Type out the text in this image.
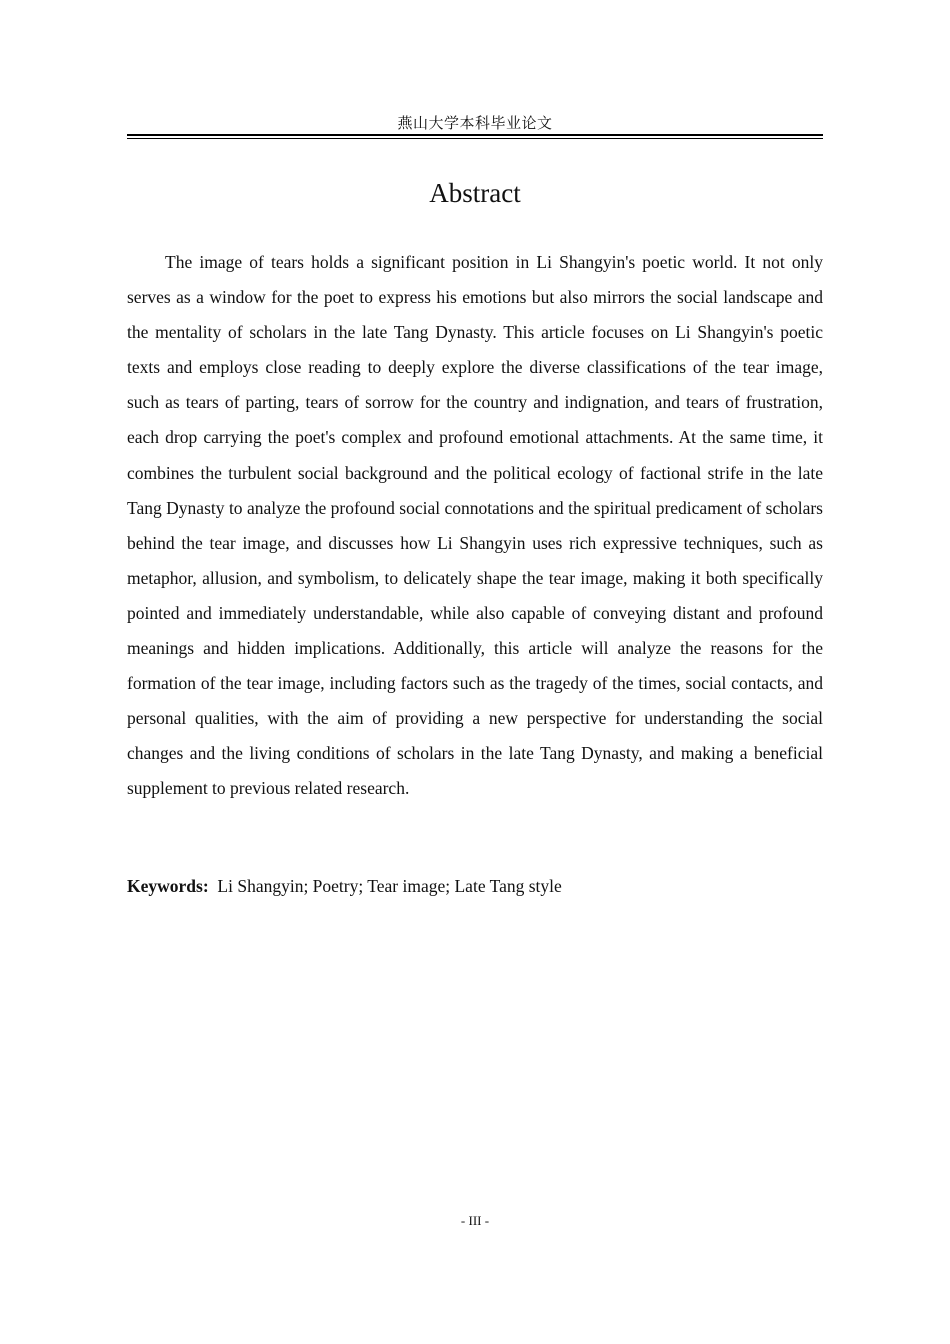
燕山大学本科毕业论文
Abstract

The image of tears holds a significant position in Li Shangyin's poetic world. It not only serves as a window for the poet to express his emotions but also mirrors the social landscape and the mentality of scholars in the late Tang Dynasty. This article focuses on Li Shangyin's poetic texts and employs close reading to deeply explore the diverse classifications of the tear image, such as tears of parting, tears of sorrow for the country and indignation, and tears of frustration, each drop carrying the poet's complex and profound emotional attachments. At the same time, it combines the turbulent social background and the political ecology of factional strife in the late Tang Dynasty to analyze the profound social connotations and the spiritual predicament of scholars behind the tear image, and discusses how Li Shangyin uses rich expressive techniques, such as metaphor, allusion, and symbolism, to delicately shape the tear image, making it both specifically pointed and immediately understandable, while also capable of conveying distant and profound meanings and hidden implications. Additionally, this article will analyze the reasons for the formation of the tear image, including factors such as the tragedy of the times, social contacts, and personal qualities, with the aim of providing a new perspective for understanding the social changes and the living conditions of scholars in the late Tang Dynasty, and making a beneficial supplement to previous related research.

Keywords: Li Shangyin; Poetry; Tear image; Late Tang style
- III -
